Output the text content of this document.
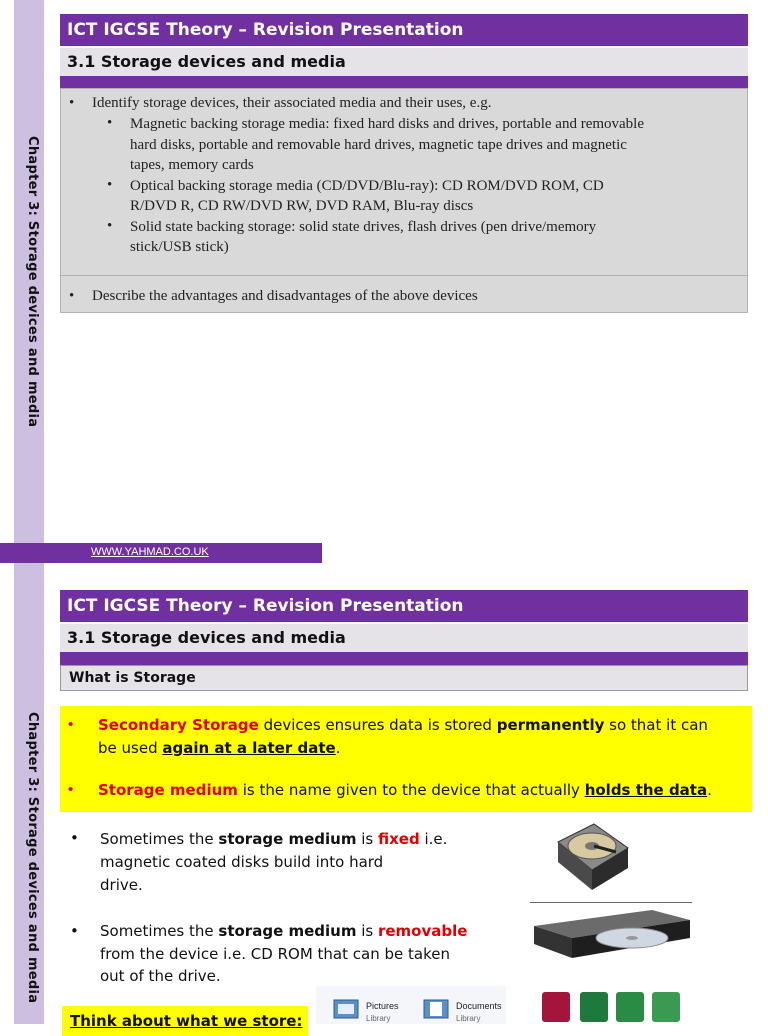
Chapter 3: Storage devices and media
ICT IGCSE Theory – Revision Presentation
3.1 Storage devices and media
• Identify storage devices, their associated media and their uses, e.g.
• Magnetic backing storage media: fixed hard disks and drives, portable and removable
hard disks, portable and removable hard drives, magnetic tape drives and magnetic
tapes, memory cards
• Optical backing storage media (CD/DVD/Blu-ray): CD ROM/DVD ROM, CD
R/DVD R, CD RW/DVD RW, DVD RAM, Blu-ray discs
• Solid state backing storage: solid state drives, flash drives (pen drive/memory
stick/USB stick)
• Describe the advantages and disadvantages of the above devices
WWW.YAHMAD.CO.UK
Chapter 3: Storage devices and media
ICT IGCSE Theory – Revision Presentation
3.1 Storage devices and media
What is Storage
• Secondary Storage devices ensures data is stored permanently so that it can
be used again at a later date.
• Storage medium is the name given to the device that actually holds the data.
• Sometimes the storage medium is fixed i.e.
magnetic coated disks build into hard
drive.
• Sometimes the storage medium is removable
from the device i.e. CD ROM that can be taken
out of the drive.
Pictures
Library
Documents
Library
Think about what we store:
